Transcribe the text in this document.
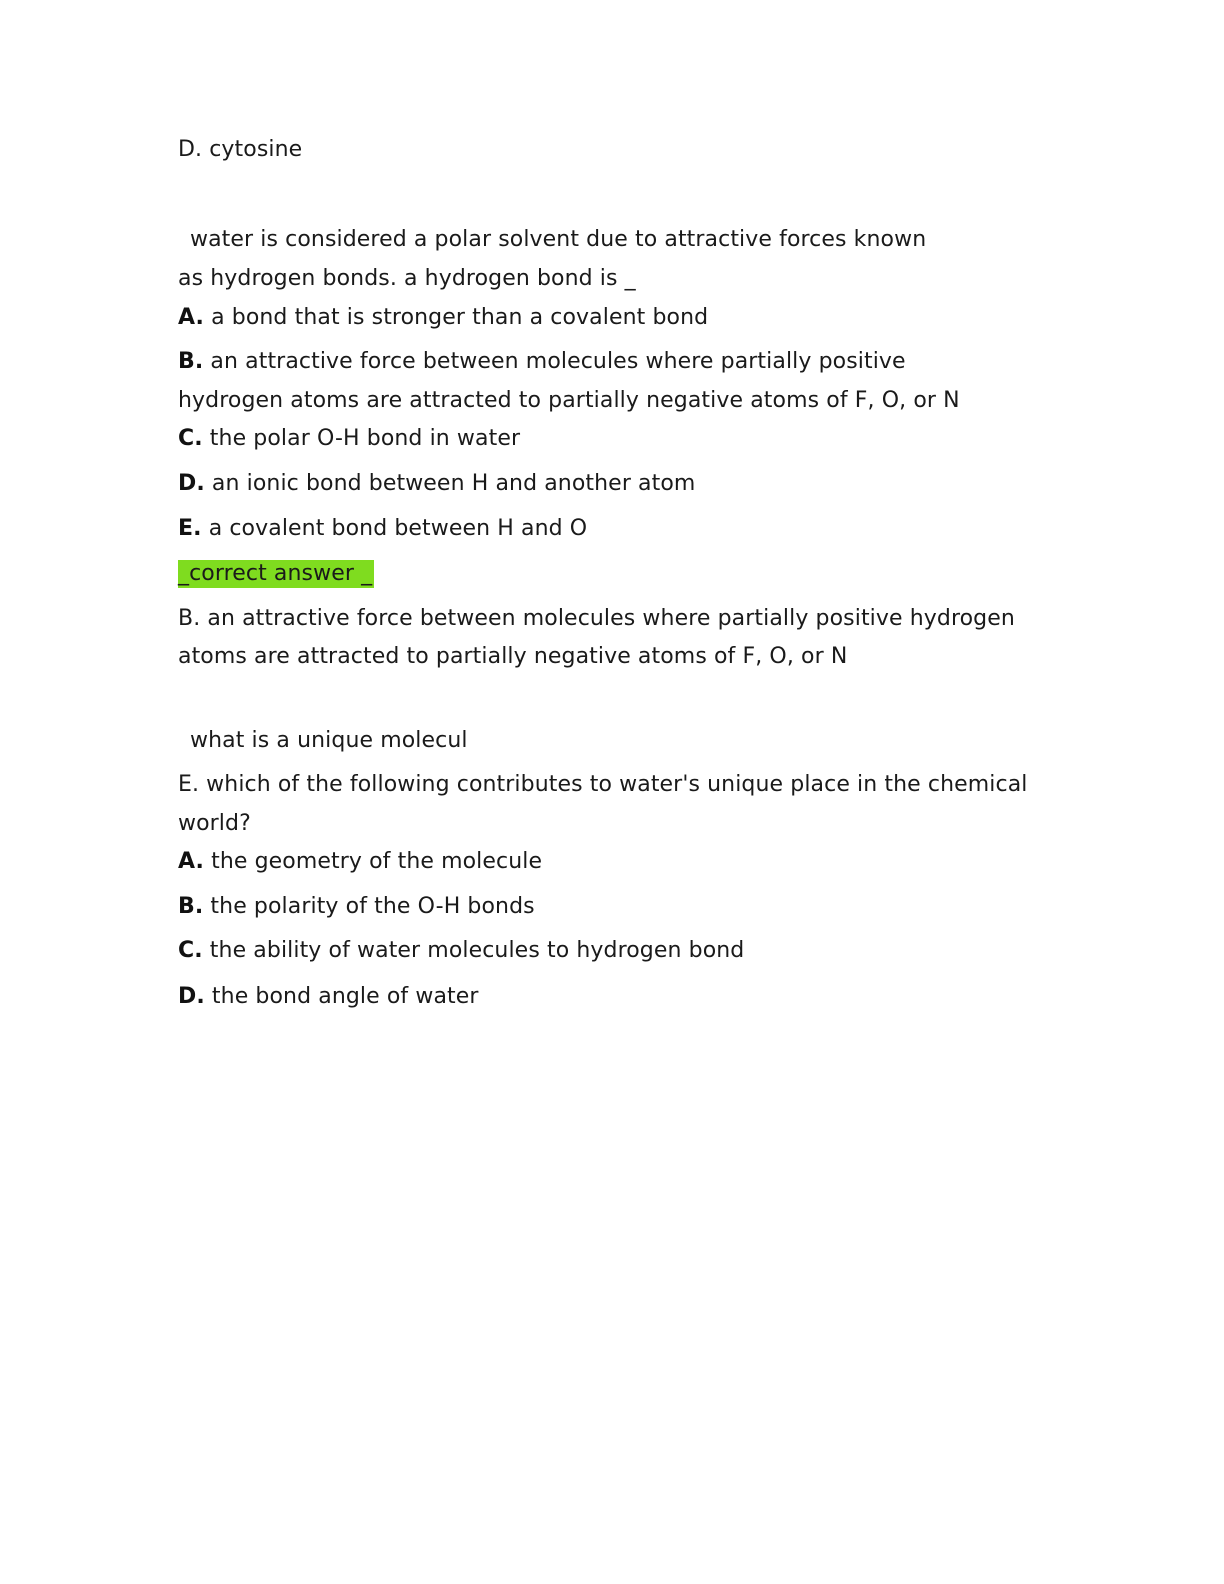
D. cytosine
water is considered a polar solvent due to attractive forces known
as hydrogen bonds. a hydrogen bond is _
A. a bond that is stronger than a covalent bond
B. an attractive force between molecules where partially positive
hydrogen atoms are attracted to partially negative atoms of F, O, or N
C. the polar O-H bond in water
D. an ionic bond between H and another atom
E. a covalent bond between H and O
_correct answer _
B. an attractive force between molecules where partially positive hydrogen
atoms are attracted to partially negative atoms of F, O, or N
what is a unique molecul
E. which of the following contributes to water's unique place in the chemical
world?
A. the geometry of the molecule
B. the polarity of the O-H bonds
C. the ability of water molecules to hydrogen bond
D. the bond angle of water
